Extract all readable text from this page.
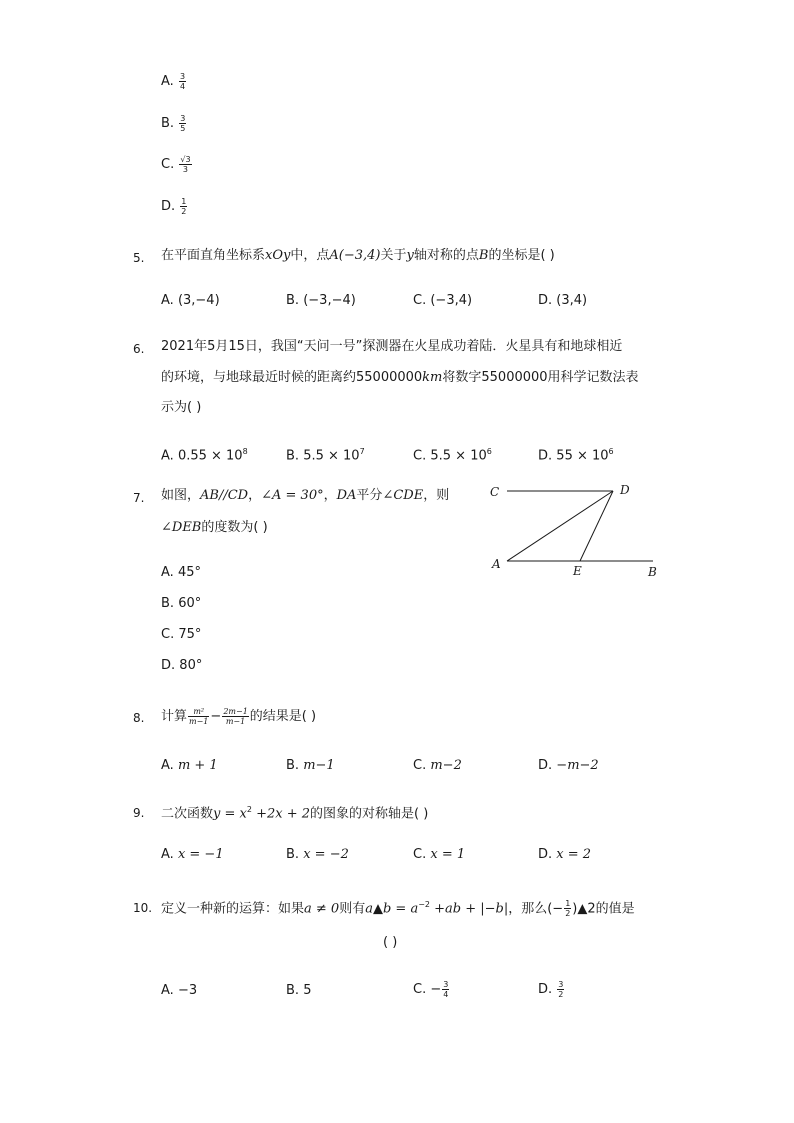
A. $\frac{3}{4}$
B. $\frac{3}{5}$
C. $\frac{√3}{3}$
D. $\frac{1}{2}$
5. 在平面直角坐标系xOy中，点A(−3,4)关于y轴对称的点B的坐标是( )
A. (3,−4)	B. (−3,−4)	C. (−3,4)	D. (3,4)
6. 2021年5月15日，我国“天问一号”探测器在火星成功着陆．火星具有和地球相近
的环境，与地球最近时候的距离约55000000km将数字55000000用科学记数法表
示为( )
A. $0.55 \times 10^8$	B. $5.5 \times 10^7$	C. $5.5 \times 10^6$	D. $55 \times 10^6$
7. 如图，AB//CD，∠A = 30°，DA平分∠CDE，则
∠DEB的度数为( )
C	D
A	E	B
A. 45°
B. 60°
C. 75°
D. 80°
8. 计算 $\frac{\text{m²}}{m-1} - \frac{2m-1}{m-1}$ 的结果是( )
A. m + 1	B. m−1	C. m−2	D. −m−2
9. 二次函数$y = x^2 +2x + 2$的图象的对称轴是( )
A. x = −1	B. x = −2	C. x = 1	D. x = 2
10. 定义一种新的运算：如果a ≠ 0则有a▲b = $a^{-2} +ab + |-b|$，那么(− $\frac{1}{2}$ )▲2的值是
( )
A. −3	B. 5	C. − $\frac{3}{4}$	D. $\frac{3}{2}$
